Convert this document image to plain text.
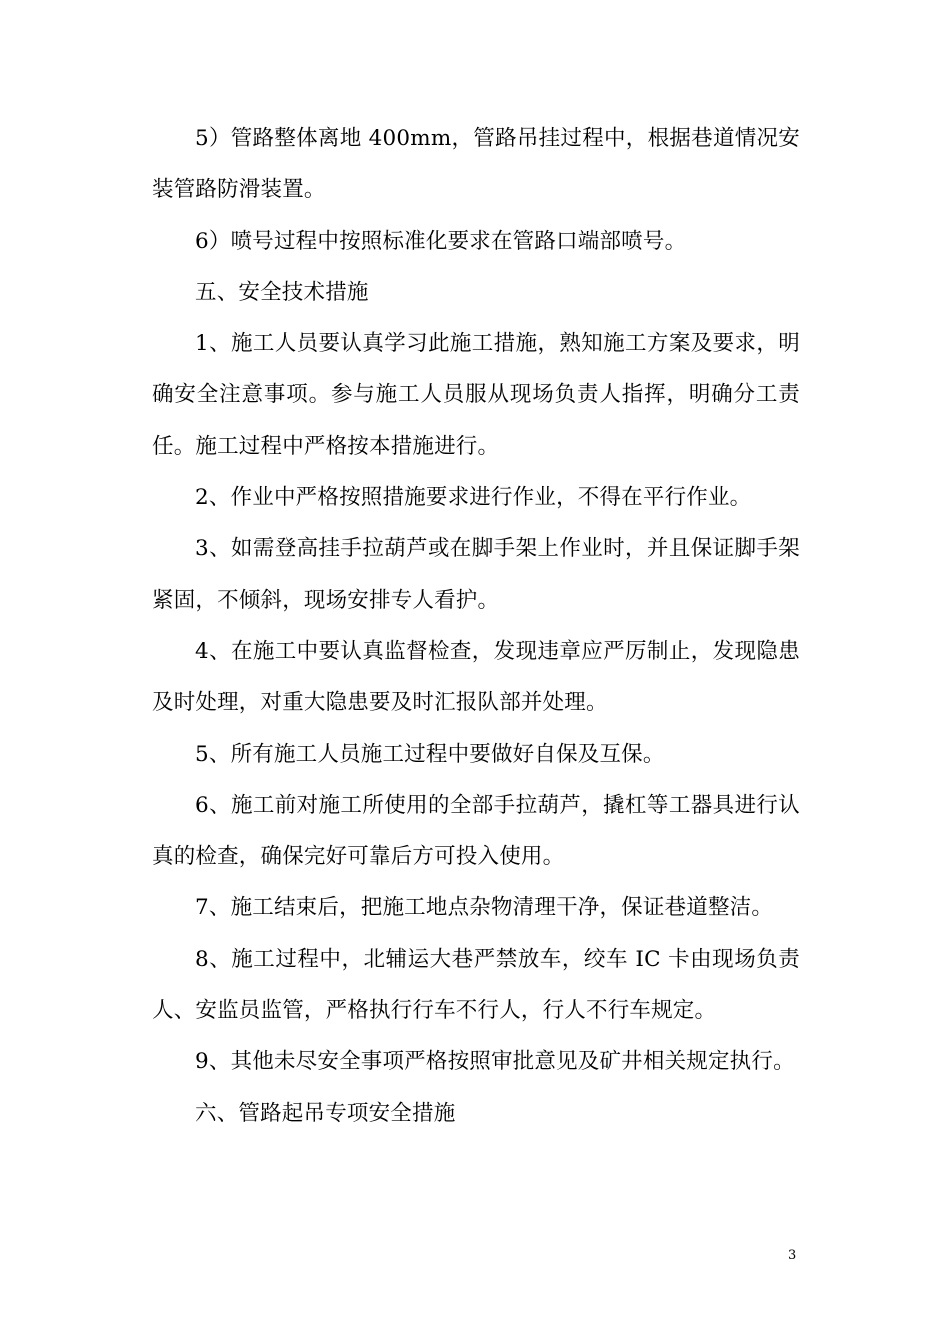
5）管路整体离地 400mm，管路吊挂过程中，根据巷道情况安装管路防滑装置。

6）喷号过程中按照标准化要求在管路口端部喷号。

五、安全技术措施

1、施工人员要认真学习此施工措施，熟知施工方案及要求，明确安全注意事项。参与施工人员服从现场负责人指挥，明确分工责任。施工过程中严格按本措施进行。

2、作业中严格按照措施要求进行作业，不得在平行作业。

3、如需登高挂手拉葫芦或在脚手架上作业时，并且保证脚手架紧固，不倾斜，现场安排专人看护。

4、在施工中要认真监督检查，发现违章应严厉制止，发现隐患及时处理，对重大隐患要及时汇报队部并处理。

5、所有施工人员施工过程中要做好自保及互保。

6、施工前对施工所使用的全部手拉葫芦，撬杠等工器具进行认真的检查，确保完好可靠后方可投入使用。

7、施工结束后，把施工地点杂物清理干净，保证巷道整洁。

8、施工过程中，北辅运大巷严禁放车，绞车 IC 卡由现场负责人、安监员监管，严格执行行车不行人，行人不行车规定。

9、其他未尽安全事项严格按照审批意见及矿井相关规定执行。

六、管路起吊专项安全措施

3
